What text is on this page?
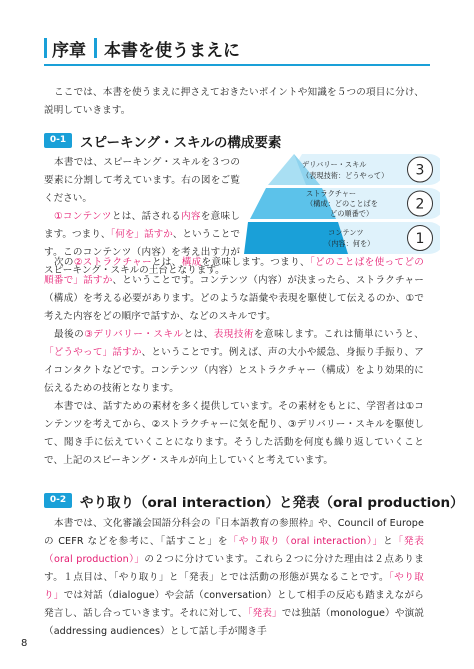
序章 本書を使うまえに

ここでは、本書を使うまえに押さえておきたいポイントや知識を５つの項目に分け、説明していきます。

0-1	スピーキング・スキルの構成要素

本書では、スピーキング・スキルを３つの要素に分割して考えています。右の図をご覧ください。

①コンテンツとは、話される内容を意味します。つまり、「何を」話すか、ということです。このコンテンツ（内容）を考え出す力がスピーキング・スキルの土台となります。

デリバリー・スキル
（表現技術：どうやって）
ストラクチャー
（構成：どのことばを
どの順番で）
コンテンツ
（内容：何を）
3
2
1

次の②ストラクチャーとは、構成を意味します。つまり、「どのことばを使ってどの順番で」話すか、ということです。コンテンツ（内容）が決まったら、ストラクチャー（構成）を考える必要があります。どのような語彙や表現を駆使して伝えるのか、①で考えた内容をどの順序で話すか、などのスキルです。

最後の③デリバリー・スキルとは、表現技術を意味します。これは簡単にいうと、「どうやって」話すか、ということです。例えば、声の大小や緩急、身振り手振り、アイコンタクトなどです。コンテンツ（内容）とストラクチャー（構成）をより効果的に伝えるための技術となります。

本書では、話すための素材を多く提供しています。その素材をもとに、学習者は①コンテンツを考えてから、②ストラクチャーに気を配り、③デリバリー・スキルを駆使して、聞き手に伝えていくことになります。そうした活動を何度も繰り返していくことで、上記のスピーキング・スキルが向上していくと考えています。

0-2	やり取り（oral interaction）と発表（oral production）

本書では、文化審議会国語分科会の『日本語教育の参照枠』や、Council of Europe の CEFR などを参考に、「話すこと」を「やり取り（oral interaction）」と「発表（oral production）」の２つに分けています。これら２つに分けた理由は２点あります。１点目は、「やり取り」と「発表」とでは活動の形態が異なることです。「やり取り」では対話（dialogue）や会話（conversation）として相手の反応も踏まえながら発言し、話し合っていきます。それに対して、「発表」では独話（monologue）や演説（addressing audiences）として話し手が聞き手

8
